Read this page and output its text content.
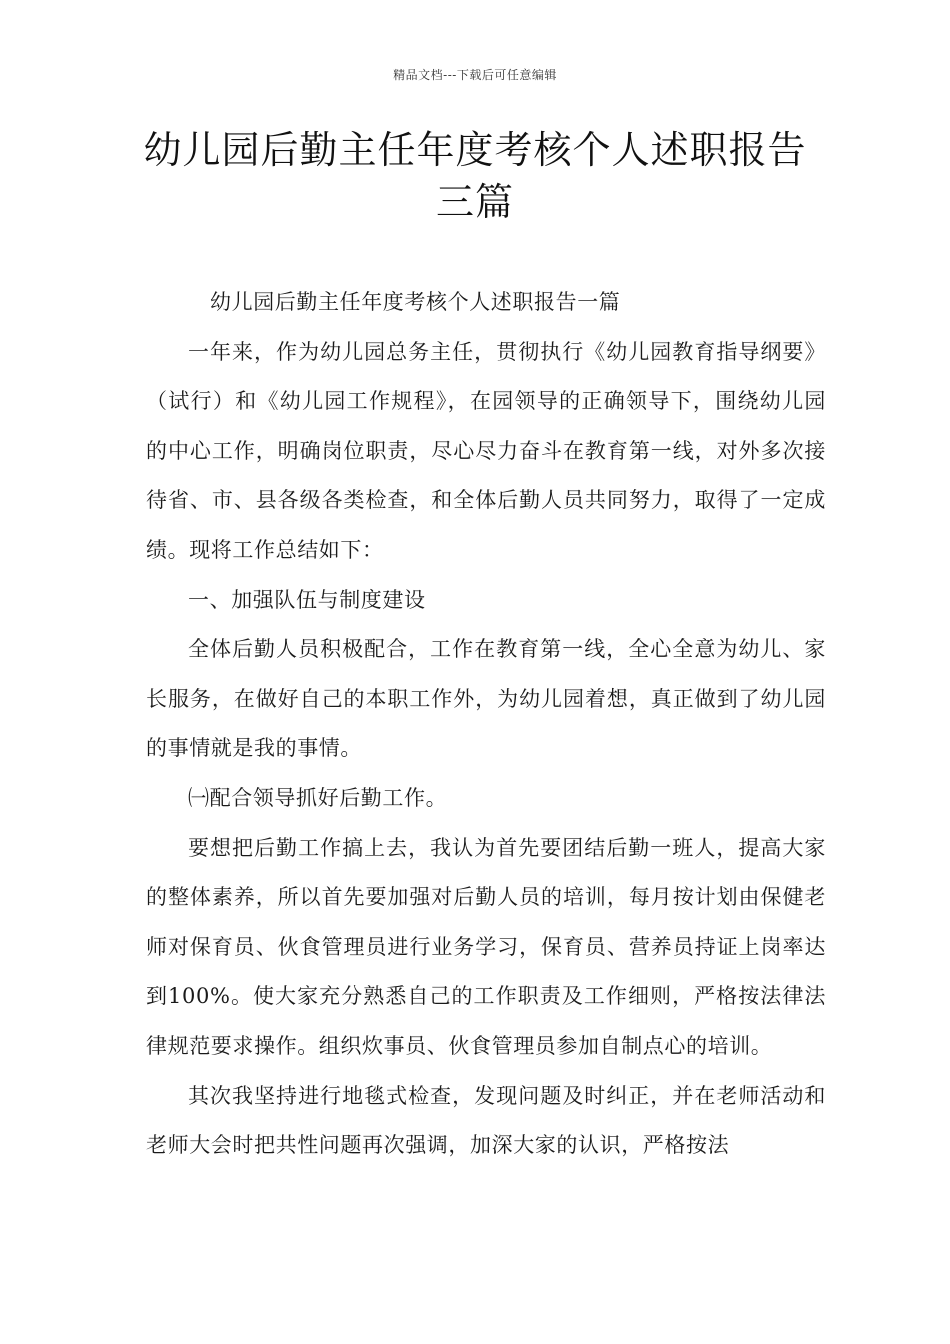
精品文档---下载后可任意编辑
幼儿园后勤主任年度考核个人述职报告
三篇

幼儿园后勤主任年度考核个人述职报告一篇

一年来，作为幼儿园总务主任，贯彻执行《幼儿园教育指导纲要》（试行）和《幼儿园工作规程》，在园领导的正确领导下，围绕幼儿园的中心工作，明确岗位职责，尽心尽力奋斗在教育第一线，对外多次接待省、市、县各级各类检查，和全体后勤人员共同努力，取得了一定成绩。现将工作总结如下：

一、加强队伍与制度建设

全体后勤人员积极配合，工作在教育第一线，全心全意为幼儿、家长服务，在做好自己的本职工作外，为幼儿园着想，真正做到了幼儿园的事情就是我的事情。

㈠配合领导抓好后勤工作。

要想把后勤工作搞上去，我认为首先要团结后勤一班人，提高大家的整体素养，所以首先要加强对后勤人员的培训，每月按计划由保健老师对保育员、伙食管理员进行业务学习，保育员、营养员持证上岗率达到100%。使大家充分熟悉自己的工作职责及工作细则，严格按法律法律规范要求操作。组织炊事员、伙食管理员参加自制点心的培训。

其次我坚持进行地毯式检查，发现问题及时纠正，并在老师活动和老师大会时把共性问题再次强调，加深大家的认识，严格按法
